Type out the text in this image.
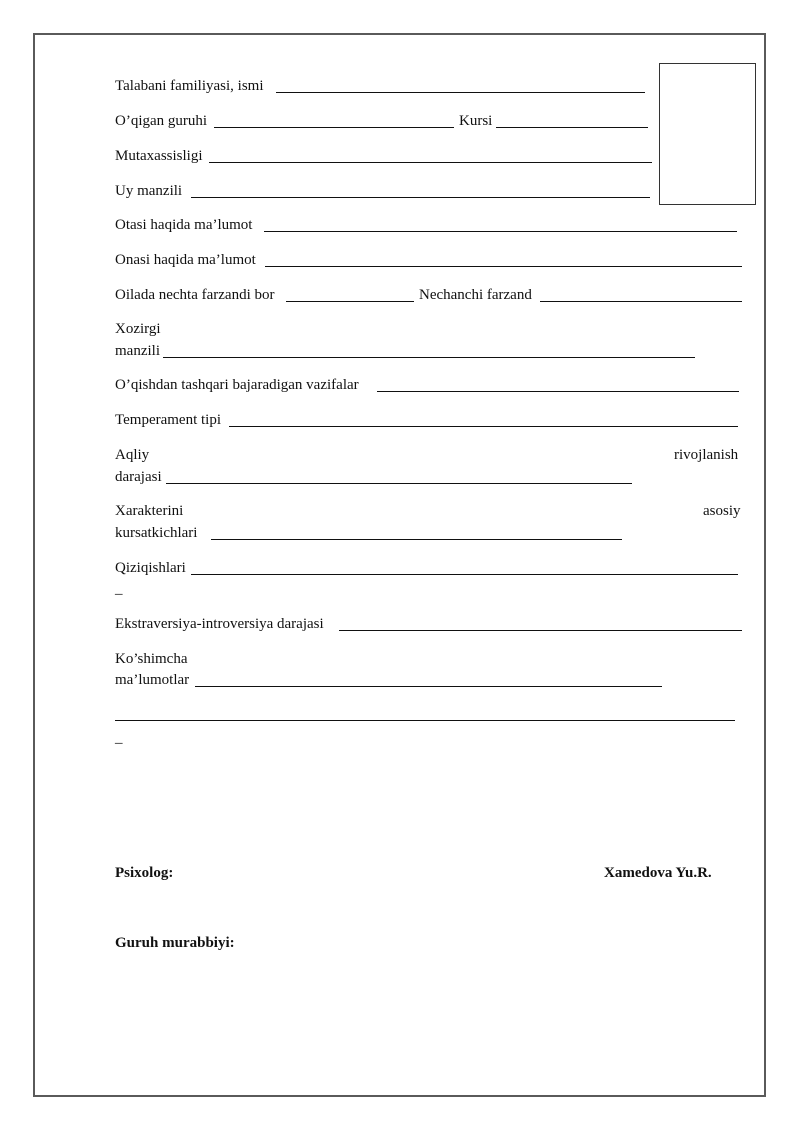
Talabani familiyasi, ismi
O’qigan guruhi	Kursi
Mutaxassisligi
Uy manzili
Otasi haqida ma’lumot
Onasi haqida ma’lumot
Oilada nechta farzandi bor	Nechanchi farzand
Xozirgi
manzili
O’qishdan tashqari bajaradigan vazifalar
Temperament tipi
Aqliy	rivojlanish
darajasi
Xarakterini	asosiy
kursatkichlari
Qiziqishlari
_
Ekstraversiya-introversiya darajasi
Ko’shimcha
ma’lumotlar
_
Psixolog:	Xamedova Yu.R.
Guruh murabbiyi:
